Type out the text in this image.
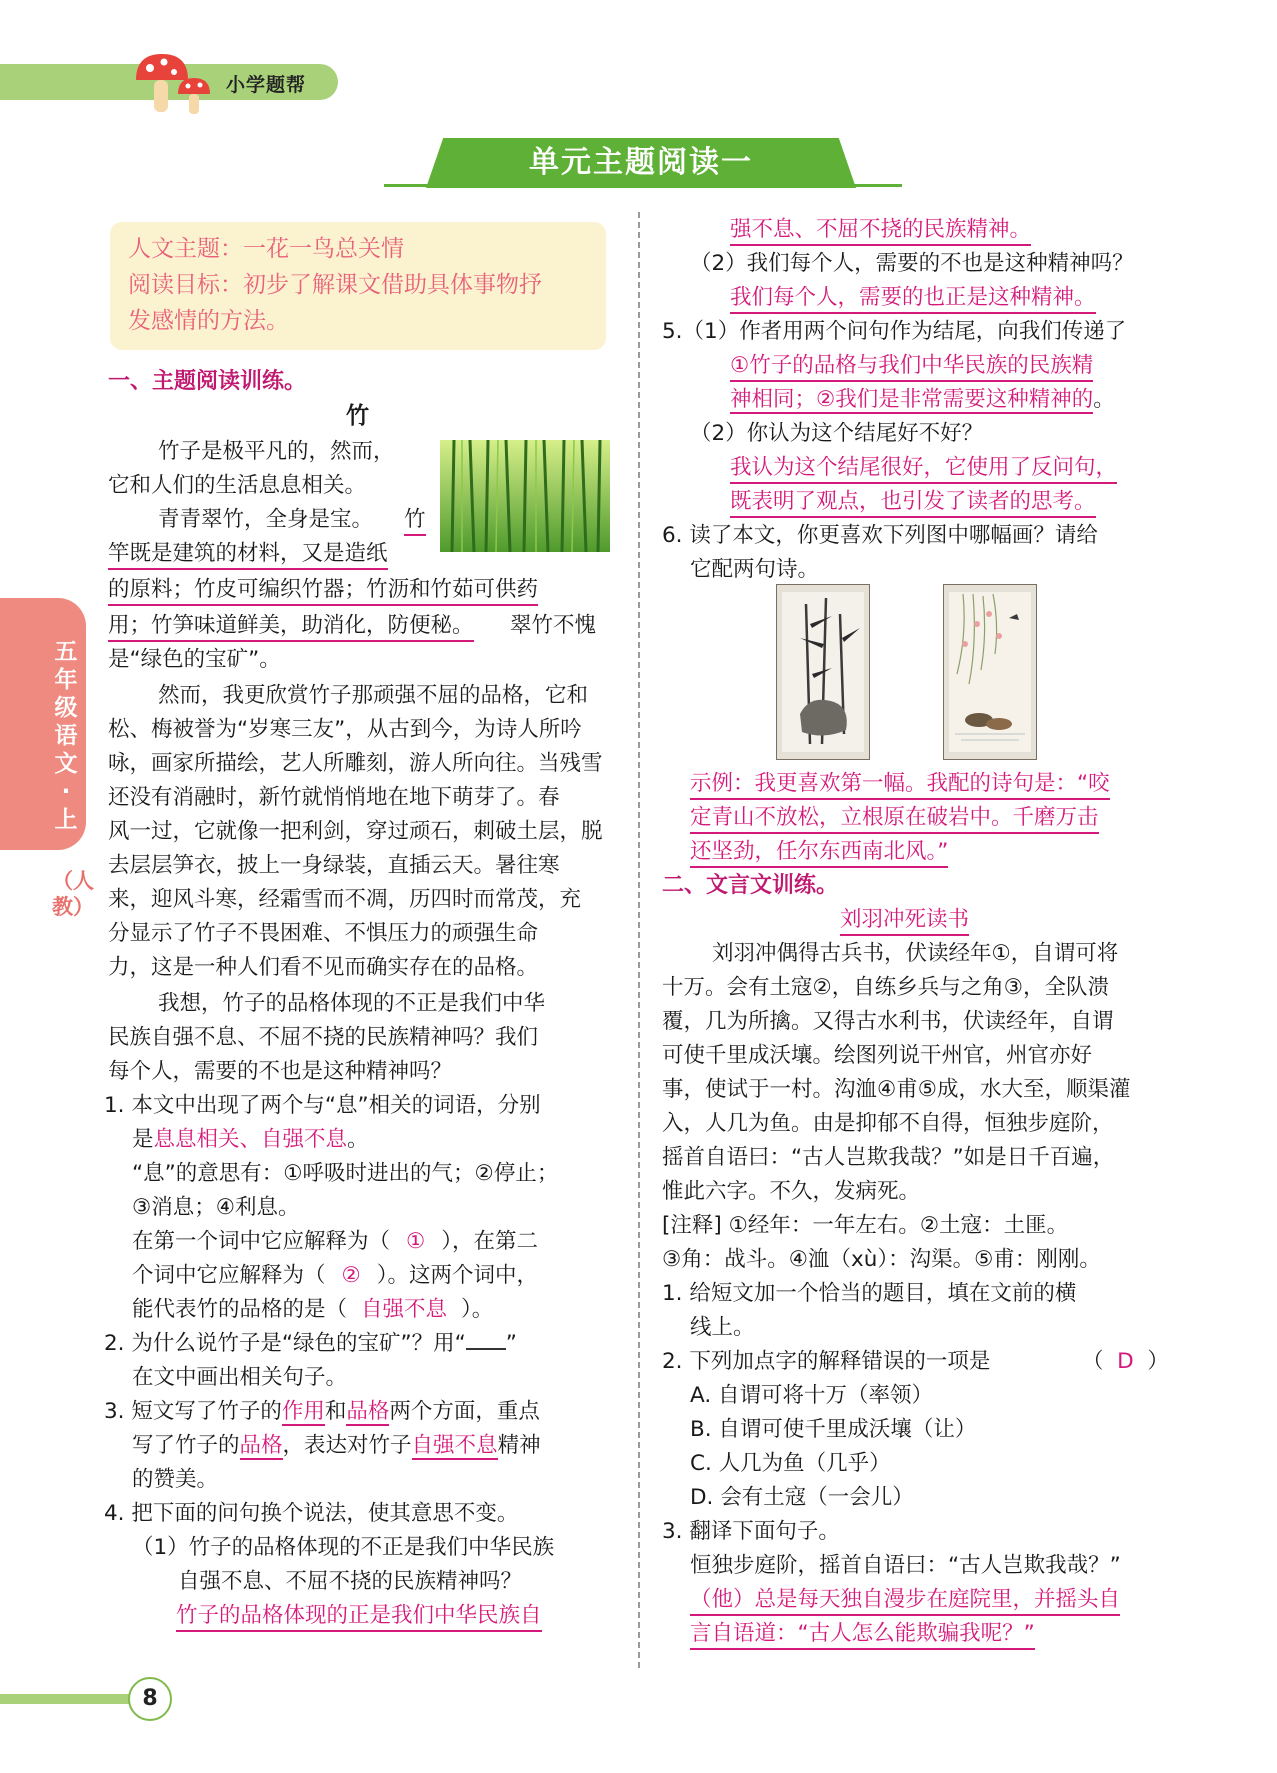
小学题帮
单元主题阅读一
五年级语文·上
（人教）
人文主题：一花一鸟总关情
阅读目标：初步了解课文借助具体事物抒
发感情的方法。
一、主题阅读训练。
竹
竹子是极平凡的，然而，
它和人们的生活息息相关。
青青翠竹，全身是宝。 竹
竿既是建筑的材料，又是造纸
的原料；竹皮可编织竹器；竹沥和竹茹可供药
用；竹笋味道鲜美，助消化，防便秘。 翠竹不愧
是“绿色的宝矿”。
然而，我更欣赏竹子那顽强不屈的品格，它和
松、梅被誉为“岁寒三友”，从古到今，为诗人所吟
咏，画家所描绘，艺人所雕刻，游人所向往。当残雪
还没有消融时，新竹就悄悄地在地下萌芽了。春
风一过，它就像一把利剑，穿过顽石，刺破土层，脱
去层层笋衣，披上一身绿装，直插云天。暑往寒
来，迎风斗寒，经霜雪而不凋，历四时而常茂，充
分显示了竹子不畏困难、不惧压力的顽强生命
力，这是一种人们看不见而确实存在的品格。
我想，竹子的品格体现的不正是我们中华
民族自强不息、不屈不挠的民族精神吗？我们
每个人，需要的不也是这种精神吗？
1. 本文中出现了两个与“息”相关的词语，分别
是息息相关、自强不息。
“息”的意思有：①呼吸时进出的气；②停止；
③消息；④利息。
在第一个词中它应解释为（ ① ），在第二
个词中它应解释为（ ② ）。这两个词中，
能代表竹的品格的是（ 自强不息 ）。
2. 为什么说竹子是“绿色的宝矿”？用“ ”
在文中画出相关句子。
3. 短文写了竹子的作用和品格两个方面，重点
写了竹子的品格，表达对竹子自强不息精神
的赞美。
4. 把下面的问句换个说法，使其意思不变。
（1）竹子的品格体现的不正是我们中华民族
自强不息、不屈不挠的民族精神吗？
竹子的品格体现的正是我们中华民族自
强不息、不屈不挠的民族精神。
（2）我们每个人，需要的不也是这种精神吗？
我们每个人，需要的也正是这种精神。
5.（1）作者用两个问句作为结尾，向我们传递了
①竹子的品格与我们中华民族的民族精
神相同；②我们是非常需要这种精神的。
（2）你认为这个结尾好不好？
我认为这个结尾很好，它使用了反问句，
既表明了观点，也引发了读者的思考。
6. 读了本文，你更喜欢下列图中哪幅画？请给
它配两句诗。
示例：我更喜欢第一幅。我配的诗句是：“咬
定青山不放松，立根原在破岩中。千磨万击
还坚劲，任尔东西南北风。”
二、文言文训练。
刘羽冲死读书
刘羽冲偶得古兵书，伏读经年①，自谓可将
十万。会有土寇②，自练乡兵与之角③，全队溃
覆，几为所擒。又得古水利书，伏读经年，自谓
可使千里成沃壤。绘图列说干州官，州官亦好
事，使试于一村。沟洫④甫⑤成，水大至，顺渠灌
入，人几为鱼。由是抑郁不自得，恒独步庭阶，
摇首自语曰：“古人岂欺我哉？”如是日千百遍，
惟此六字。不久，发病死。
[注释] ①经年：一年左右。②土寇：土匪。
③角：战斗。④洫（xù）：沟渠。⑤甫：刚刚。
1. 给短文加一个恰当的题目，填在文前的横
线上。
2. 下列加点字的解释错误的一项是	（  D  ）
A. 自谓可将十万（率领）
B. 自谓可使千里成沃壤（让）
C. 人几为鱼（几乎）
D. 会有土寇（一会儿）
3. 翻译下面句子。
恒独步庭阶，摇首自语曰：“古人岂欺我哉？”
（他）总是每天独自漫步在庭院里，并摇头自
言自语道：“古人怎么能欺骗我呢？”
8
